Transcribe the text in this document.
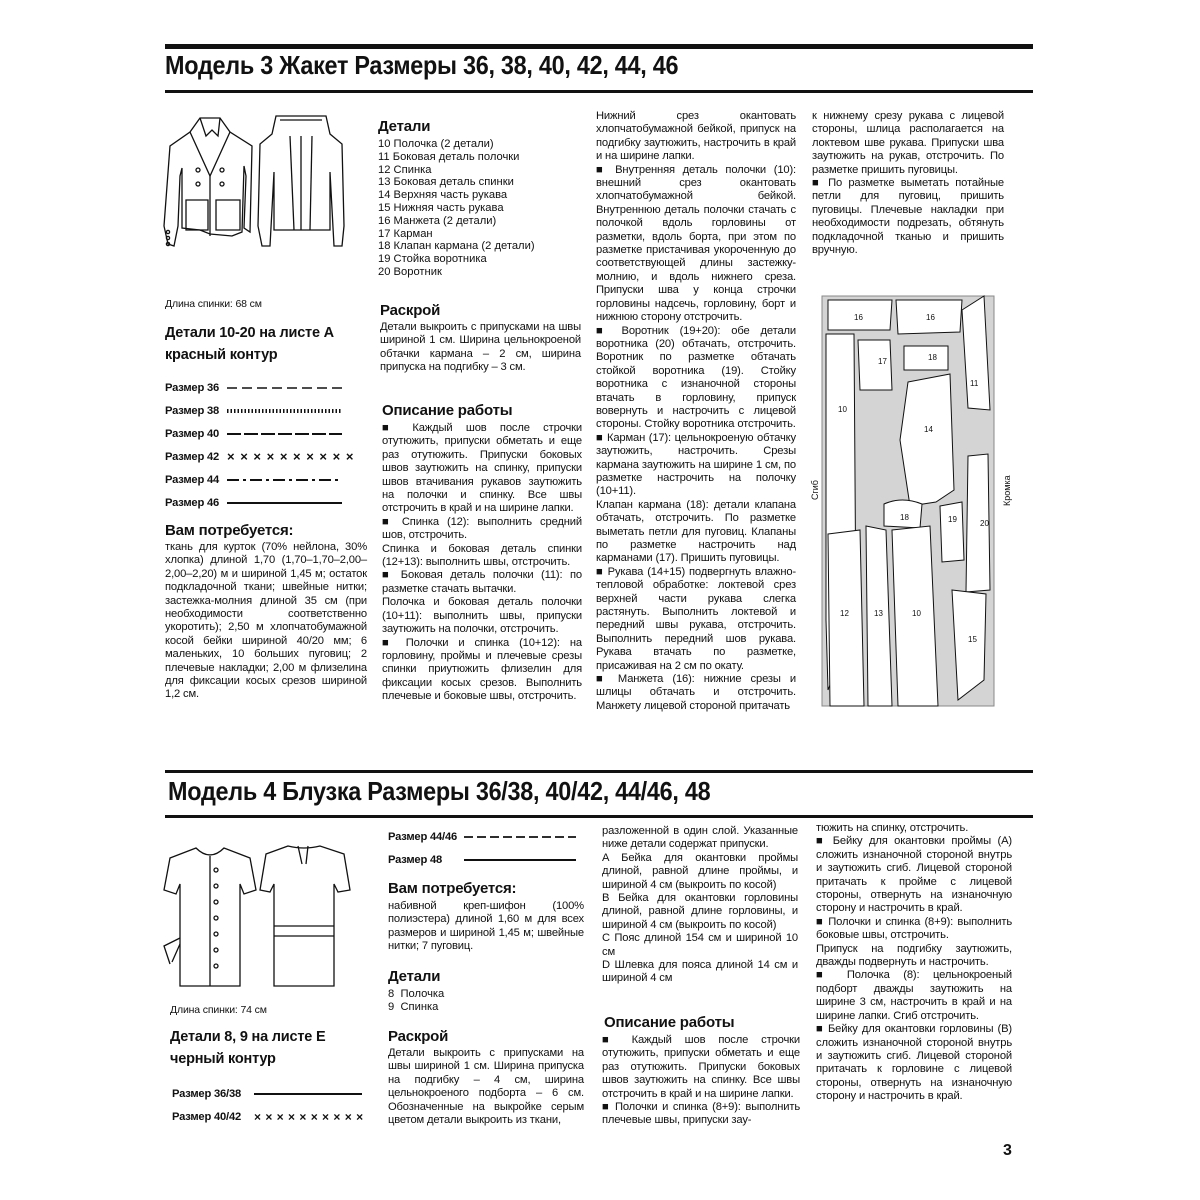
Модель 3 Жакет Размеры 36, 38, 40, 42, 44, 46
Длина спинки: 68 см
Детали 10-20 на листе А красный контур
Размер 36
Размер 38
Размер 40
Размер 42 × × × × × × × × × ×
Размер 44
Размер 46
Вам потребуется:
ткань для курток (70% нейлона, 30% хлопка) длиной 1,70 (1,70–1,70–2,00–2,00–2,20) м и шириной 1,45 м; остаток подкладочной ткани; швейные нитки; застежка-молния длиной 35 см (при необходимости соответственно укоротить); 2,50 м хлопчатобумажной косой бейки шириной 40/20 мм; 6 маленьких, 10 больших пуговиц; 2 плечевые накладки; 2,00 м флизелина для фиксации косых срезов шириной 1,2 см.
Детали
10 Полочка (2 детали)
11 Боковая деталь полочки
12 Спинка
13 Боковая деталь спинки
14 Верхняя часть рукава
15 Нижняя часть рукава
16 Манжета (2 детали)
17 Карман
18 Клапан кармана (2 детали)
19 Стойка воротника
20 Воротник
Раскрой
Детали выкроить с припусками на швы шириной 1 см. Ширина цельнокроеной обтачки кармана – 2 см, ширина припуска на подгибку – 3 см.
Описание работы

■ Каждый шов после строчки отутюжить, припуски обметать и еще раз отутюжить. Припуски боковых швов заутюжить на спинку, припуски швов втачивания рукавов заутюжить на полочки и спинку. Все швы отстрочить в край и на ширине лапки.

■ Спинка (12): выполнить средний шов, отстрочить.

Спинка и боковая деталь спинки (12+13): выполнить швы, отстрочить.

■ Боковая деталь полочки (11): по разметке стачать вытачки.

Полочка и боковая деталь полочки (10+11): выполнить швы, припуски заутюжить на полочки, отстрочить.

■ Полочки и спинка (10+12): на горловину, проймы и плечевые срезы спинки приутюжить флизелин для фиксации косых срезов. Выполнить плечевые и боковые швы, отстрочить.

Нижний срез окантовать хлопчатобумажной бейкой, припуск на подгибку заутюжить, настрочить в край и на ширине лапки.

■ Внутренняя деталь полочки (10): внешний срез окантовать хлопчатобумажной бейкой. Внутреннюю деталь полочки стачать с полочкой вдоль горловины от разметки, вдоль борта, при этом по разметке пристачивая укороченную до соответствующей длины застежку-молнию, и вдоль нижнего среза. Припуски шва у конца строчки горловины надсечь, горловину, борт и нижнюю сторону отстрочить.

■ Воротник (19+20): обе детали воротника (20) обтачать, отстрочить. Воротник по разметке обтачать стойкой воротника (19). Стойку воротника с изнаночной стороны втачать в горловину, припуск вовернуть и настрочить с лицевой стороны. Стойку воротника отстрочить.

■ Карман (17): цельнокроеную обтачку заутюжить, настрочить. Срезы кармана заутюжить на ширине 1 см, по разметке настрочить на полочку (10+11).

Клапан кармана (18): детали клапана обтачать, отстрочить. По разметке выметать петли для пуговиц. Клапаны по разметке настрочить над карманами (17). Пришить пуговицы.

■ Рукава (14+15) подвергнуть влажно-тепловой обработке: локтевой срез верхней части рукава слегка растянуть. Выполнить локтевой и передний швы рукава, отстрочить. Выполнить передний шов рукава. Рукава втачать по разметке, присаживая на 2 см по окату.

■ Манжета (16): нижние срезы и шлицы обтачать и отстрочить. Манжету лицевой стороной притачать

к нижнему срезу рукава с лицевой стороны, шлица располагается на локтевом шве рукава. Припуски шва заутюжить на рукав, отстрочить. По разметке пришить пуговицы.

■ По разметке выметать потайные петли для пуговиц, пришить пуговицы. Плечевые накладки при необходимости подрезать, обтянуть подкладочной тканью и пришить вручную.

16	16
17	18
11
10
14
18	19	20
12	13	10
15
Сгиб	Кромка
Модель 4 Блузка Размеры 36/38, 40/42, 44/46, 48
Длина спинки: 74 см
Детали 8, 9 на листе Е черный контур
Размер 36/38
Размер 40/42	× × × × × × × × × ×
Размер 44/46
Размер 48
Вам потребуется:
набивной креп-шифон (100% полиэстера) длиной 1,60 м для всех размеров и шириной 1,45 м; швейные нитки; 7 пуговиц.
Детали
8  Полочка
9  Спинка
Раскрой
Детали выкроить с припусками на швы шириной 1 см. Ширина припуска на подгибку – 4 см, ширина цельнокроеного подборта – 6 см. Обозначенные на выкройке серым цветом детали выкроить из ткани,

разложенной в один слой. Указанные ниже детали содержат припуски.

A Бейка для окантовки проймы длиной, равной длине проймы, и шириной 4 см (выкроить по косой)

B Бейка для окантовки горловины длиной, равной длине горловины, и шириной 4 см (выкроить по косой)

C Пояс длиной 154 см и шириной 10 см

D Шлевка для пояса длиной 14 см и шириной 4 см

Описание работы

■ Каждый шов после строчки отутюжить, припуски обметать и еще раз отутюжить. Припуски боковых швов заутюжить на спинку. Все швы отстрочить в край и на ширине лапки.

■ Полочки и спинка (8+9): выполнить плечевые швы, припуски зау-

тюжить на спинку, отстрочить.

■ Бейку для окантовки проймы (А) сложить изнаночной стороной внутрь и заутюжить сгиб. Лицевой стороной притачать к пройме с лицевой стороны, отвернуть на изнаночную сторону и настрочить в край.

■ Полочки и спинка (8+9): выполнить боковые швы, отстрочить.

Припуск на подгибку заутюжить, дважды подвернуть и настрочить.

■ Полочка (8): цельнокроеный подборт дважды заутюжить на ширине 3 см, настрочить в край и на ширине лапки. Сгиб отстрочить.

■ Бейку для окантовки горловины (В) сложить изнаночной стороной внутрь и заутюжить сгиб. Лицевой стороной притачать к горловине с лицевой стороны, отвернуть на изнаночную сторону и настрочить в край.

3
